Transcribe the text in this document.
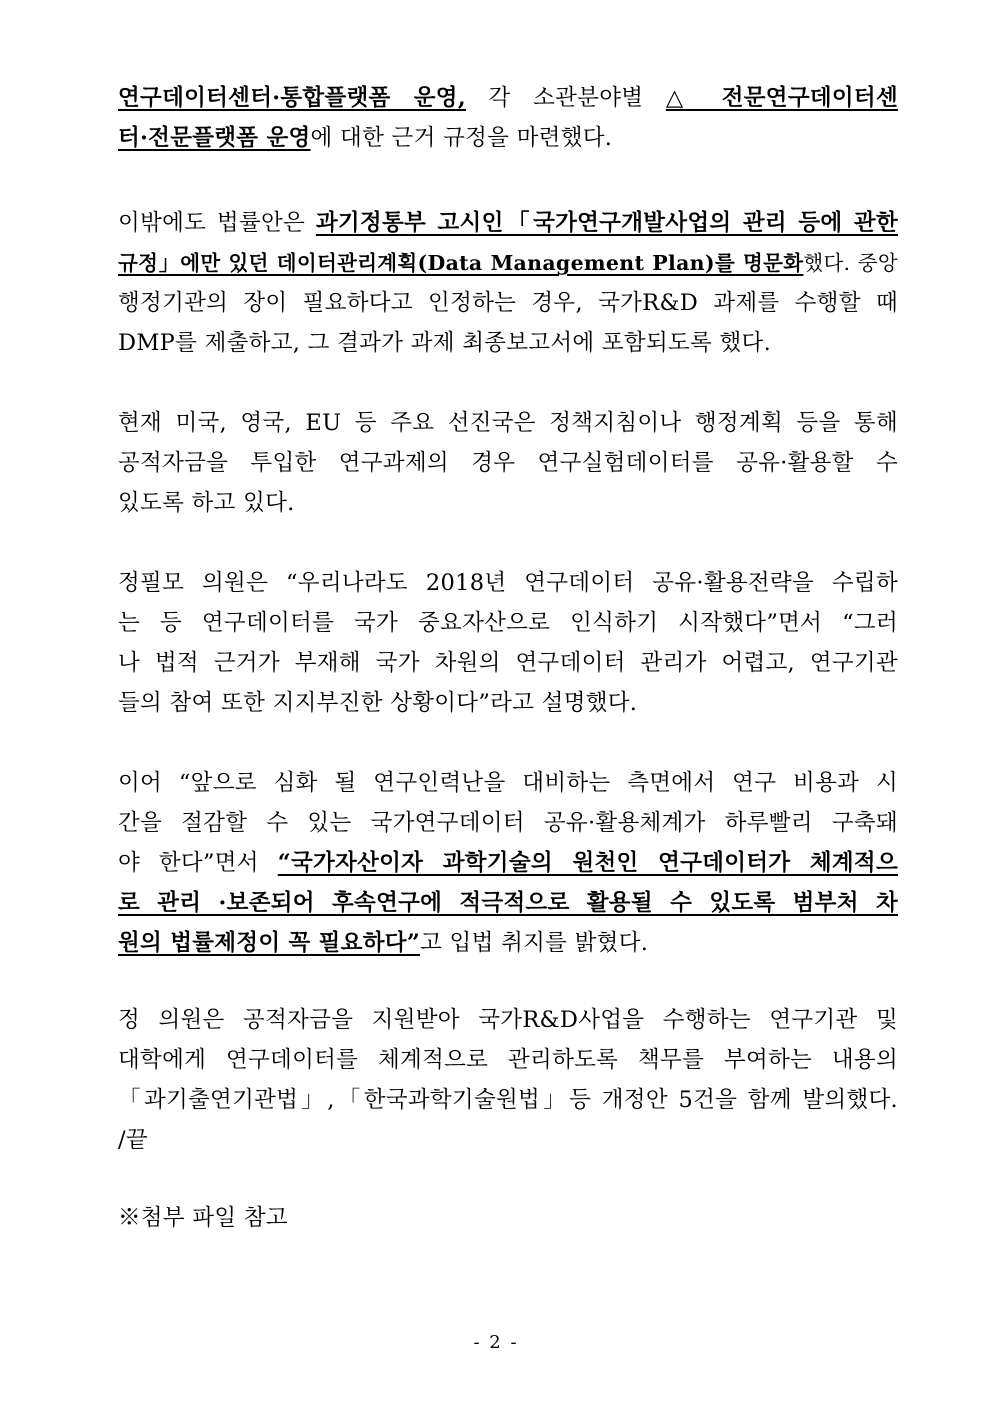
연구데이터센터·통합플랫폼 운영, 각 소관분야별 △ 전문연구데이터센
터·전문플랫폼 운영에 대한 근거 규정을 마련했다.
이밖에도 법률안은 과기정통부 고시인「국가연구개발사업의 관리 등에 관한
규정」에만 있던 데이터관리계획(Data Management Plan)를 명문화했다. 중앙
행정기관의 장이 필요하다고 인정하는 경우, 국가R&D 과제를 수행할 때
DMP를 제출하고, 그 결과가 과제 최종보고서에 포함되도록 했다.
현재 미국, 영국, EU 등 주요 선진국은 정책지침이나 행정계획 등을 통해
공적자금을 투입한 연구과제의 경우 연구실험데이터를 공유·활용할 수
있도록 하고 있다.
정필모 의원은 “우리나라도 2018년 연구데이터 공유·활용전략을 수립하
는 등 연구데이터를 국가 중요자산으로 인식하기 시작했다”면서 “그러
나 법적 근거가 부재해 국가 차원의 연구데이터 관리가 어렵고, 연구기관
들의 참여 또한 지지부진한 상황이다”라고 설명했다.
이어 “앞으로 심화 될 연구인력난을 대비하는 측면에서 연구 비용과 시
간을 절감할 수 있는 국가연구데이터 공유·활용체계가 하루빨리 구축돼
야 한다”면서 “국가자산이자 과학기술의 원천인 연구데이터가 체계적으
로 관리 ·보존되어 후속연구에 적극적으로 활용될 수 있도록 범부처 차
원의 법률제정이 꼭 필요하다”고 입법 취지를 밝혔다.
정 의원은 공적자금을 지원받아 국가R&D사업을 수행하는 연구기관 및
대학에게 연구데이터를 체계적으로 관리하도록 책무를 부여하는 내용의
「과기출연기관법」,「한국과학기술원법」등 개정안 5건을 함께 발의했다.
/끝
※첨부 파일 참고
- 2 -
